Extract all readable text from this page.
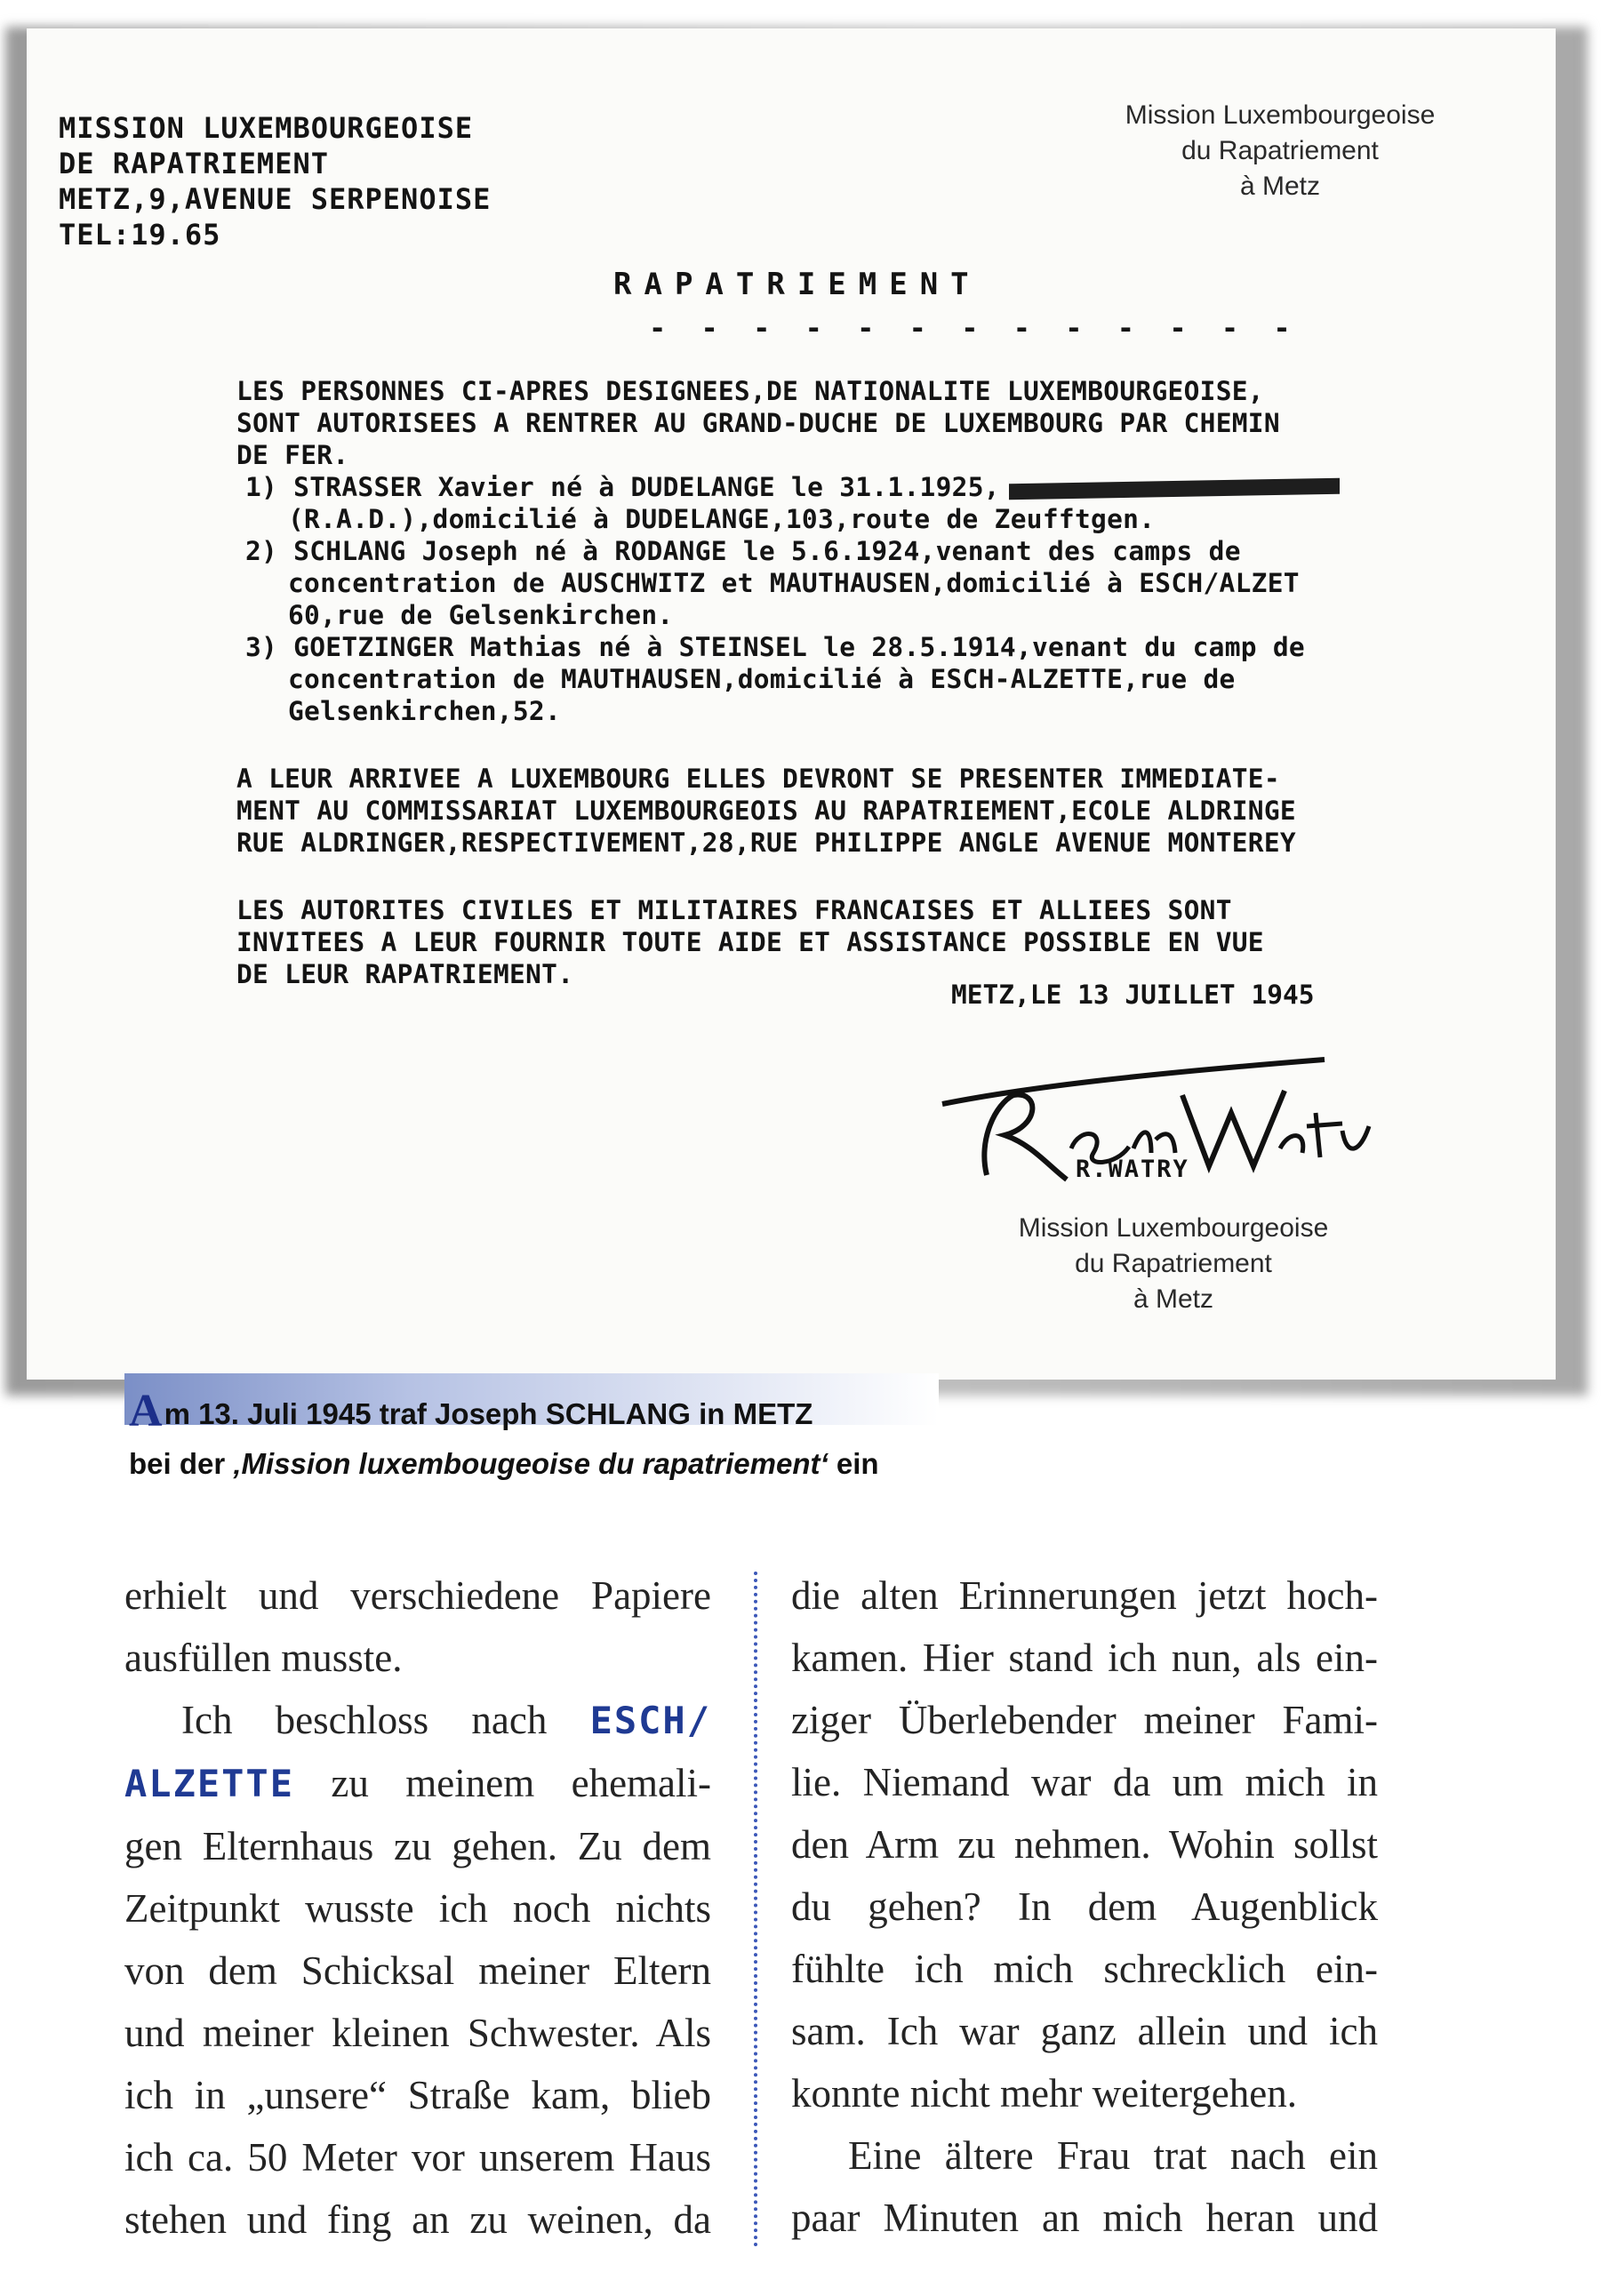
MISSION LUXEMBOURGEOISE
DE RAPATRIEMENT
METZ,9,AVENUE SERPENOISE
TEL:19.65
Mission Luxembourgeoise
du Rapatriement
à Metz
RAPATRIEMENT
- - - - - - - - - - - - -

LES PERSONNES CI-APRES DESIGNEES,DE NATIONALITE LUXEMBOURGEOISE,

SONT AUTORISEES A RENTRER AU GRAND-DUCHE DE LUXEMBOURG PAR CHEMIN

DE FER.

1) STRASSER Xavier né à DUDELANGE le 31.1.1925,

(R.A.D.),domicilié à DUDELANGE,103,route de Zeufftgen.

2) SCHLANG Joseph né à RODANGE le 5.6.1924,venant des camps de

concentration de AUSCHWITZ et MAUTHAUSEN,domicilié à ESCH/ALZET

60,rue de Gelsenkirchen.

3) GOETZINGER Mathias né à STEINSEL le 28.5.1914,venant du camp de

concentration de MAUTHAUSEN,domicilié à ESCH-ALZETTE,rue de

Gelsenkirchen,52.

A LEUR ARRIVEE A LUXEMBOURG ELLES DEVRONT SE PRESENTER IMMEDIATE-

MENT AU COMMISSARIAT LUXEMBOURGEOIS AU RAPATRIEMENT,ECOLE ALDRINGE

RUE ALDRINGER,RESPECTIVEMENT,28,RUE PHILIPPE ANGLE AVENUE MONTEREY

LES AUTORITES CIVILES ET MILITAIRES FRANCAISES ET ALLIEES SONT

INVITEES A LEUR FOURNIR TOUTE AIDE ET ASSISTANCE POSSIBLE EN VUE

DE LEUR RAPATRIEMENT.

METZ,LE 13 JUILLET 1945
R.WATRY
Mission Luxembourgeoise
du Rapatriement
à Metz
Am 13. Juli 1945 traf Joseph SCHLANG in METZ
bei der ‚Mission luxembougeoise du rapatriement‘ ein
erhielt und verschiedene Papiere
ausfüllen musste.
Ich beschloss nach ESCH/
ALZETTE zu meinem ehemali-
gen Elternhaus zu gehen. Zu dem
Zeitpunkt wusste ich noch nichts
von dem Schicksal meiner Eltern
und meiner kleinen Schwester. Als
ich in „unsere“ Straße kam, blieb
ich ca. 50 Meter vor unserem Haus
stehen und fing an zu weinen, da
die alten Erinnerungen jetzt hoch-
kamen. Hier stand ich nun, als ein-
ziger Überlebender meiner Fami-
lie. Niemand war da um mich in
den Arm zu nehmen. Wohin sollst
du gehen? In dem Augenblick
fühlte ich mich schrecklich ein-
sam. Ich war ganz allein und ich
konnte nicht mehr weitergehen.
Eine ältere Frau trat nach ein
paar Minuten an mich heran und
